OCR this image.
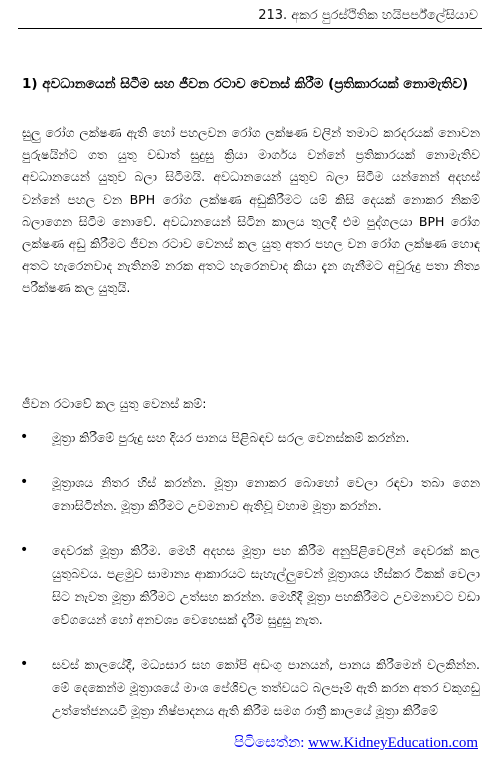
213. අකර පුරස්ථිතික හයිපර්ප්ලේසියාව
1) අවධානයෙන් සිටීම සහ ජීවන රටාව වෙනස් කිරීම (ප්‍රතිකාරයක් නොමැතිව)
සුලු රෝග ලක්ෂණ ඇති හෝ පහලවන රෝග ලක්ෂණ වලින් තමාට කරදරයක් නොවන පුරුෂයින්ට ගත යුතු වඩාත් සුදුසු ක්‍රියා මාර්ගය වන්නේ ප්‍රතිකාරයක් නොමැතිව අවධානයෙන් යුතුව බලා සිටීමයි. අවධානයෙන් යුතුව බලා සිටීම යන්නෙන් අදහස් වන්නේ පහල වන BPH රෝග ලක්ෂණ අඩුකිරීමට යම් කිසි දෙයක් නොකර නිකම් බලාගෙන සිටීම නොවේ. අවධානයෙන් සිටින කාලය තුලදී එම පුද්ගලයා BPH රෝග ලක්ෂණ අඩු කිරීමට ජීවන රටාව වෙනස් කල යුතු අතර පහල වන රෝග ලක්ෂණ හොඳ අතට හැරෙනවාද නැතිනම් නරක අතට හැරෙනවාද කියා දැන ගැනීමට අවුරුදු පතා නිත්‍ය පරීක්ෂණ කල යුතුයි.
ජීවන රටාවේ කල යුතු වෙනස් කම්:
• මූත්‍රා කිරීමේ පුරුදු සහ දියර පානය පිළිබඳව සරල වෙනස්කම් කරන්න.
• මූත්‍රාශය නිතර හිස් කරන්න. මූත්‍රා නොකර බොහෝ වෙලා රඳවා තබා ගෙන නොසිටින්න. මූත්‍රා කිරීමට උවමනාව ඇතිවූ වහාම මූත්‍රා කරන්න.
• දෙවරක් මූත්‍රා කිරීම. මෙහි අදහස මූත්‍රා පහ කිරීම අනුපිළිවෙලින් දෙවරක් කල යුතුබවය. පළමුව සාමාන්‍ය ආකාරයට සැහැල්ලුවෙන් මූත්‍රාශය හිස්කර ටිකක් වෙලා සිට නැවත මූත්‍රා කිරීමට උත්සහ කරන්න. මෙහිදී මූත්‍රා පහකිරීමට උවමනාවට වඩා වේගයෙන් හෝ අනවශ්‍ය වෙහෙසක් දැරීම සුදුසු නැත.
• සවස් කාලයේදී, මධ්‍යසාර සහ කෝපි අඩංගු පානයන්, පානය කිරීමෙන් වලකින්න. මේ දෙකෙන්ම මූත්‍රාශයේ මාංශ පේශිවල තත්වයට බලපෑම් ඇති කරන අතර වකුගඩු උත්තේජනයවී මූත්‍රා නිෂ්පාදනය ඇති කිරීම සමග රාත්‍රී කාලයේ මූත්‍රා කිරීමේ
පිටිසෙත්න: www.KidneyEducation.com
